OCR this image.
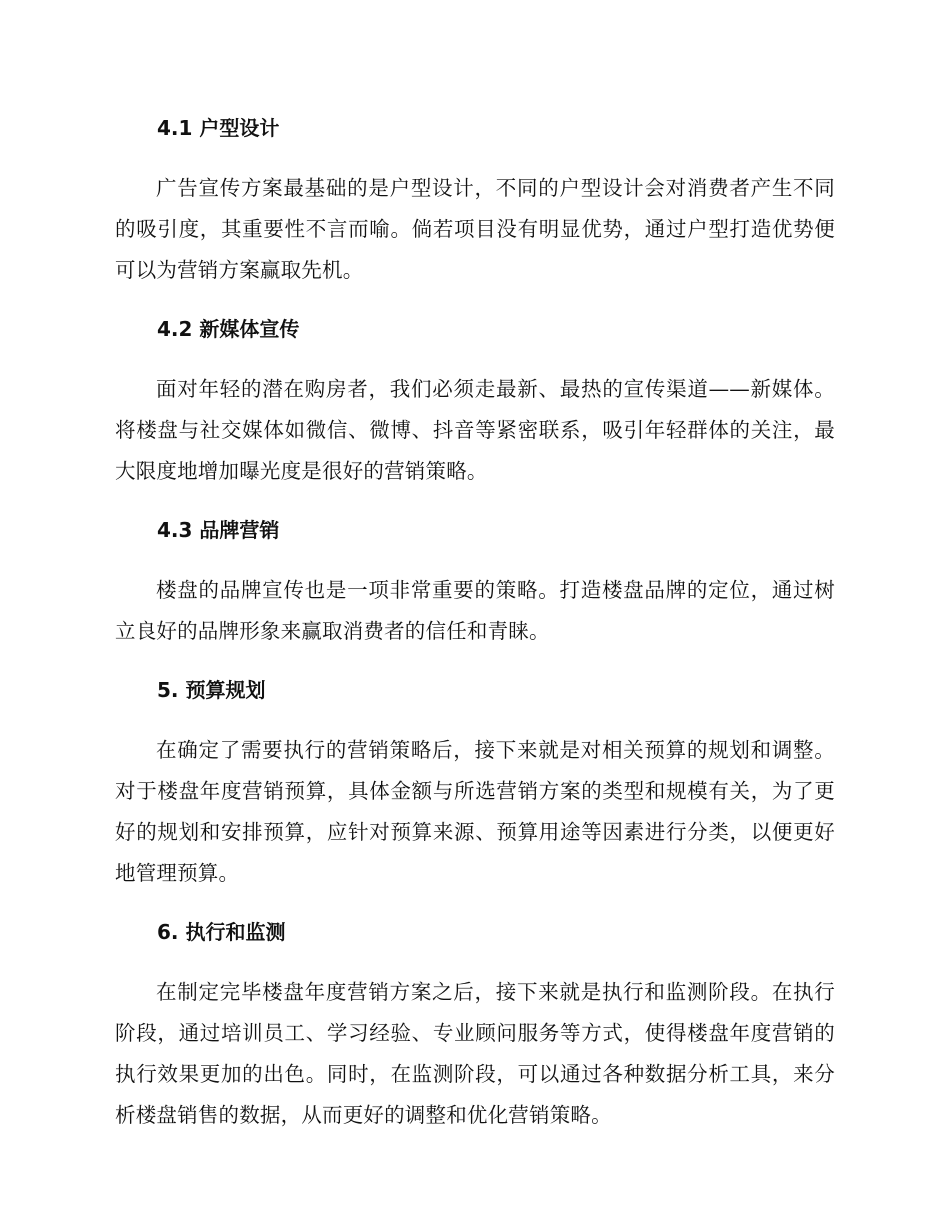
4.1 户型设计

广告宣传方案最基础的是户型设计，不同的户型设计会对消费者产生不同的吸引度，其重要性不言而喻。倘若项目没有明显优势，通过户型打造优势便可以为营销方案赢取先机。

4.2 新媒体宣传

面对年轻的潜在购房者，我们必须走最新、最热的宣传渠道——新媒体。将楼盘与社交媒体如微信、微博、抖音等紧密联系，吸引年轻群体的关注，最大限度地增加曝光度是很好的营销策略。

4.3 品牌营销

楼盘的品牌宣传也是一项非常重要的策略。打造楼盘品牌的定位，通过树立良好的品牌形象来赢取消费者的信任和青睐。

5. 预算规划

在确定了需要执行的营销策略后，接下来就是对相关预算的规划和调整。对于楼盘年度营销预算，具体金额与所选营销方案的类型和规模有关，为了更好的规划和安排预算，应针对预算来源、预算用途等因素进行分类，以便更好地管理预算。

6. 执行和监测

在制定完毕楼盘年度营销方案之后，接下来就是执行和监测阶段。在执行阶段，通过培训员工、学习经验、专业顾问服务等方式，使得楼盘年度营销的执行效果更加的出色。同时，在监测阶段，可以通过各种数据分析工具，来分析楼盘销售的数据，从而更好的调整和优化营销策略。
